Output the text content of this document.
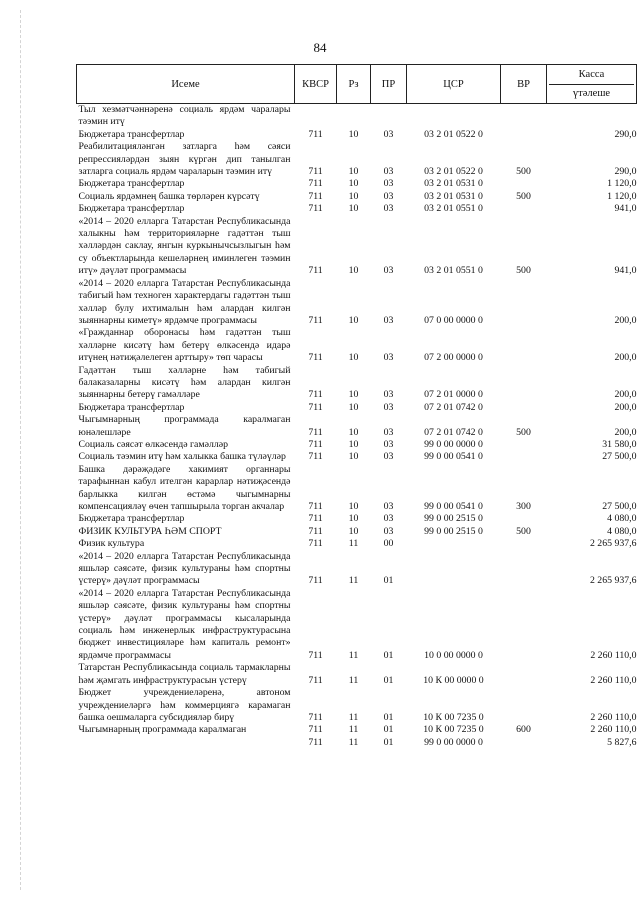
84
Исеме	КВСР	Рз	ПР	ЦСР	ВР	Касса
үтәлеше

Тыл хезмәтчәннәренә социаль ярдәм чаралары тәэмин итү						
Бюджетара трансфертлар	711	10	03	03 2 01 0522 0		290,0
Реабилитацияләнгән затларга һәм сәяси репрессияләрдән зыян күргән дип танылган затларга социаль ярдәм чараларын тәэмин итү	711	10	03	03 2 01 0522 0	500	290,0
Бюджетара трансфертлар	711	10	03	03 2 01 0531 0		1 120,0
Социаль ярдәмнең башка төрләрен күрсәтү	711	10	03	03 2 01 0531 0	500	1 120,0
Бюджетара трансфертлар	711	10	03	03 2 01 0551 0		941,0
«2014 – 2020 елларга Татарстан Республикасында халыкны һәм территорияләрне гадәттән тыш хәлләрдән саклау, янгын куркынычсызлыгын һәм су объектларында кешеләрнең иминлеген тәэмин итү» дәүләт программасы	711	10	03	03 2 01 0551 0	500	941,0
«2014 – 2020 елларга Татарстан Республикасында табигый һәм техноген характердагы гадәттән тыш хәлләр булу ихтималын һәм алардан килгән зыяннарны киметү» ярдәмче программасы	711	10	03	07 0 00 0000 0		200,0
«Гражданнар оборонасы һәм гадәттән тыш хәлләрне кисәтү һәм бетерү өлкәсендә идарә итүнең нәтиҗәлелеген арттыру» төп чарасы	711	10	03	07 2 00 0000 0		200,0
Гадәттән тыш хәлләрне һәм табигый балаказаларны кисәтү һәм алардан килгән зыяннарны бетерү гамәлләре	711	10	03	07 2 01 0000 0		200,0
Бюджетара трансфертлар	711	10	03	07 2 01 0742 0		200,0
Чыгымнарның программада каралмаган юнәлешләре	711	10	03	07 2 01 0742 0	500	200,0
Социаль сәясәт өлкәсендә гамәлләр	711	10	03	99 0 00 0000 0		31 580,0
Социаль тәэмин итү һәм халыкка башка түләүләр	711	10	03	99 0 00 0541 0		27 500,0
Башка дәрәҗәдәге хакимият органнары тарафыннан кабул ителгән карарлар нәтиҗәсендә барлыкка килгән өстәмә чыгымнарны компенсацияләү өчен тапшырыла торган акчалар	711	10	03	99 0 00 0541 0	300	27 500,0
Бюджетара трансфертлар	711	10	03	99 0 00 2515 0		4 080,0
ФИЗИК КУЛЬТУРА ҺӘМ СПОРТ	711	10	03	99 0 00 2515 0	500	4 080,0
Физик культура	711	11	00			2 265 937,6
«2014 – 2020 елларга Татарстан Республикасында яшьләр сәясәте, физик культураны һәм спортны үстерү» дәүләт программасы	711	11	01			2 265 937,6
«2014 – 2020 елларга Татарстан Республикасында яшьләр сәясәте, физик культураны һәм спортны үстерү» дәүләт программасы кысаларында социаль һәм инженерлык инфраструктурасына бюджет инвестицияләре һәм капиталь ремонт» ярдәмче программасы	711	11	01	10 0 00 0000 0		2 260 110,0
Татарстан Республикасында социаль тармакларны һәм җәмгать инфраструктурасын үстерү	711	11	01	10 К 00 0000 0		2 260 110,0
Бюджет учреждениеләренә, автоном учреждениеләргә һәм коммерциягә карамаган башка оешмаларга субсидияләр бирү	711	11	01	10 К 00 7235 0		2 260 110,0
Чыгымнарның программада каралмаган	711	11	01	10 К 00 7235 0	600	2 260 110,0
	711	11	01	99 0 00 0000 0		5 827,6
